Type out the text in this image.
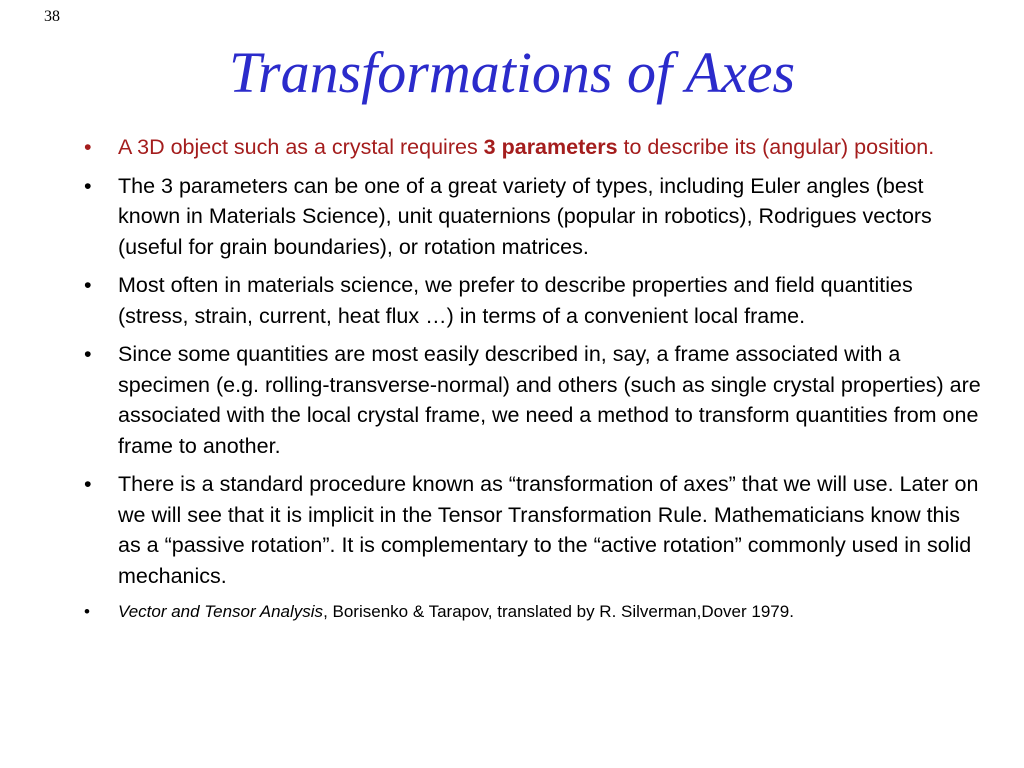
38
Transformations of Axes
• A 3D object such as a crystal requires 3 parameters to describe its (angular) position.
• The 3 parameters can be one of a great variety of types, including Euler angles (best known in Materials Science), unit quaternions (popular in robotics), Rodrigues vectors (useful for grain boundaries), or rotation matrices.
• Most often in materials science, we prefer to describe properties and field quantities (stress, strain, current, heat flux …) in terms of a convenient local frame.
• Since some quantities are most easily described in, say, a frame associated with a specimen (e.g. rolling-transverse-normal) and others (such as single crystal properties) are associated with the local crystal frame, we need a method to transform quantities from one frame to another.
• There is a standard procedure known as “transformation of axes” that we will use. Later on we will see that it is implicit in the Tensor Transformation Rule. Mathematicians know this as a “passive rotation”. It is complementary to the “active rotation” commonly used in solid mechanics.
• Vector and Tensor Analysis, Borisenko & Tarapov, translated by R. Silverman,Dover 1979.
